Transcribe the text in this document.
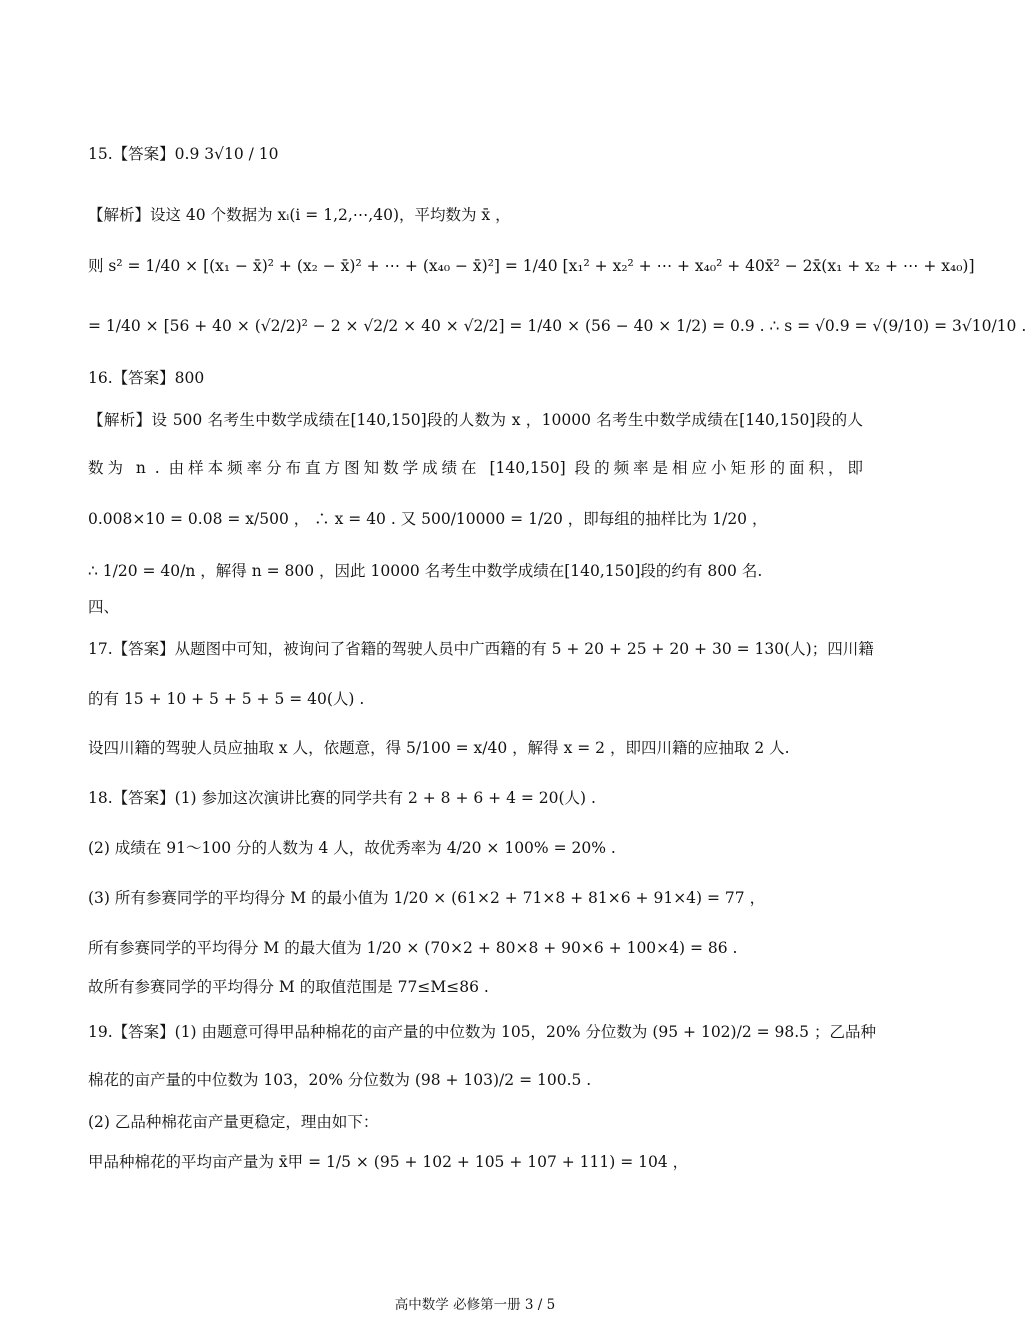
15.【答案】0.9 3√10 / 10
【解析】设这 40 个数据为 xᵢ(i = 1,2,⋯,40)，平均数为 x̄ ，
则 s² = 1/40 × [(x₁ − x̄)² + (x₂ − x̄)² + ⋯ + (x₄₀ − x̄)²] = 1/40 [x₁² + x₂² + ⋯ + x₄₀² + 40x̄² − 2x̄(x₁ + x₂ + ⋯ + x₄₀)]
= 1/40 × [56 + 40 × (√2/2)² − 2 × √2/2 × 40 × √2/2] = 1/40 × (56 − 40 × 1/2) = 0.9 . ∴ s = √0.9 = √(9/10) = 3√10/10 .
16.【答案】800
【解析】设 500 名考生中数学成绩在[140,150]段的人数为 x ，10000 名考生中数学成绩在[140,150]段的人
数为 n . 由样本频率分布直方图知数学成绩在 [140,150] 段的频率是相应小矩形的面积，即
0.008×10 = 0.08 = x/500 ， ∴ x = 40 . 又 500/10000 = 1/20 ，即每组的抽样比为 1/20 ，
∴ 1/20 = 40/n ，解得 n = 800 ，因此 10000 名考生中数学成绩在[140,150]段的约有 800 名.
四、
17.【答案】从题图中可知，被询问了省籍的驾驶人员中广西籍的有 5 + 20 + 25 + 20 + 30 = 130(人)；四川籍
的有 15 + 10 + 5 + 5 + 5 = 40(人) .
设四川籍的驾驶人员应抽取 x 人，依题意，得 5/100 = x/40 ，解得 x = 2 ，即四川籍的应抽取 2 人.
18.【答案】(1) 参加这次演讲比赛的同学共有 2 + 8 + 6 + 4 = 20(人) .
(2) 成绩在 91～100 分的人数为 4 人，故优秀率为 4/20 × 100% = 20% .
(3) 所有参赛同学的平均得分 M 的最小值为 1/20 × (61×2 + 71×8 + 81×6 + 91×4) = 77 ，
所有参赛同学的平均得分 M 的最大值为 1/20 × (70×2 + 80×8 + 90×6 + 100×4) = 86 .
故所有参赛同学的平均得分 M 的取值范围是 77≤M≤86 .
19.【答案】(1) 由题意可得甲品种棉花的亩产量的中位数为 105，20% 分位数为 (95 + 102)/2 = 98.5 ；乙品种
棉花的亩产量的中位数为 103，20% 分位数为 (98 + 103)/2 = 100.5 .
(2) 乙品种棉花亩产量更稳定，理由如下：
甲品种棉花的平均亩产量为 x̄甲 = 1/5 × (95 + 102 + 105 + 107 + 111) = 104 ，
高中数学 必修第一册 3 / 5
